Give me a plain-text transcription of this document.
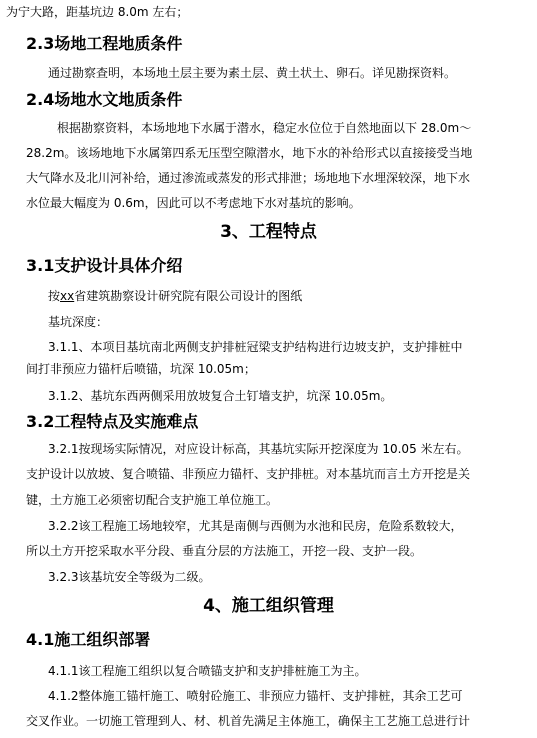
为宁大路，距基坑边 8.0m 左右；
2.3场地工程地质条件
通过勘察查明，本场地土层主要为素土层、黄土状土、卵石。详见勘探资料。
2.4场地水文地质条件
根据勘察资料，本场地地下水属于潜水，稳定水位位于自然地面以下 28.0m～
28.2m。该场地地下水属第四系无压型空隙潜水，地下水的补给形式以直接接受当地
大气降水及北川河补给，通过渗流或蒸发的形式排泄；场地地下水埋深较深，地下水
水位最大幅度为 0.6m，因此可以不考虑地下水对基坑的影响。
3、工程特点
3.1支护设计具体介绍
按xx省建筑勘察设计研究院有限公司设计的图纸
基坑深度：
3.1.1、本项目基坑南北两侧支护排桩冠梁支护结构进行边坡支护，支护排桩中
间打非预应力锚杆后喷锚，坑深 10.05m；
3.1.2、基坑东西两侧采用放坡复合土钉墙支护，坑深 10.05m。
3.2工程特点及实施难点
3.2.1按现场实际情况，对应设计标高，其基坑实际开挖深度为 10.05 米左右。
支护设计以放坡、复合喷锚、非预应力锚杆、支护排桩。对本基坑而言土方开挖是关
键，土方施工必须密切配合支护施工单位施工。
3.2.2该工程施工场地较窄，尤其是南侧与西侧为水池和民房，危险系数较大，
所以土方开挖采取水平分段、垂直分层的方法施工，开挖一段、支护一段。
3.2.3该基坑安全等级为二级。
4、施工组织管理
4.1施工组织部署
4.1.1该工程施工组织以复合喷锚支护和支护排桩施工为主。
4.1.2整体施工锚杆施工、喷射砼施工、非预应力锚杆、支护排桩，其余工艺可
交叉作业。一切施工管理到人、材、机首先满足主体施工，确保主工艺施工总进行计
